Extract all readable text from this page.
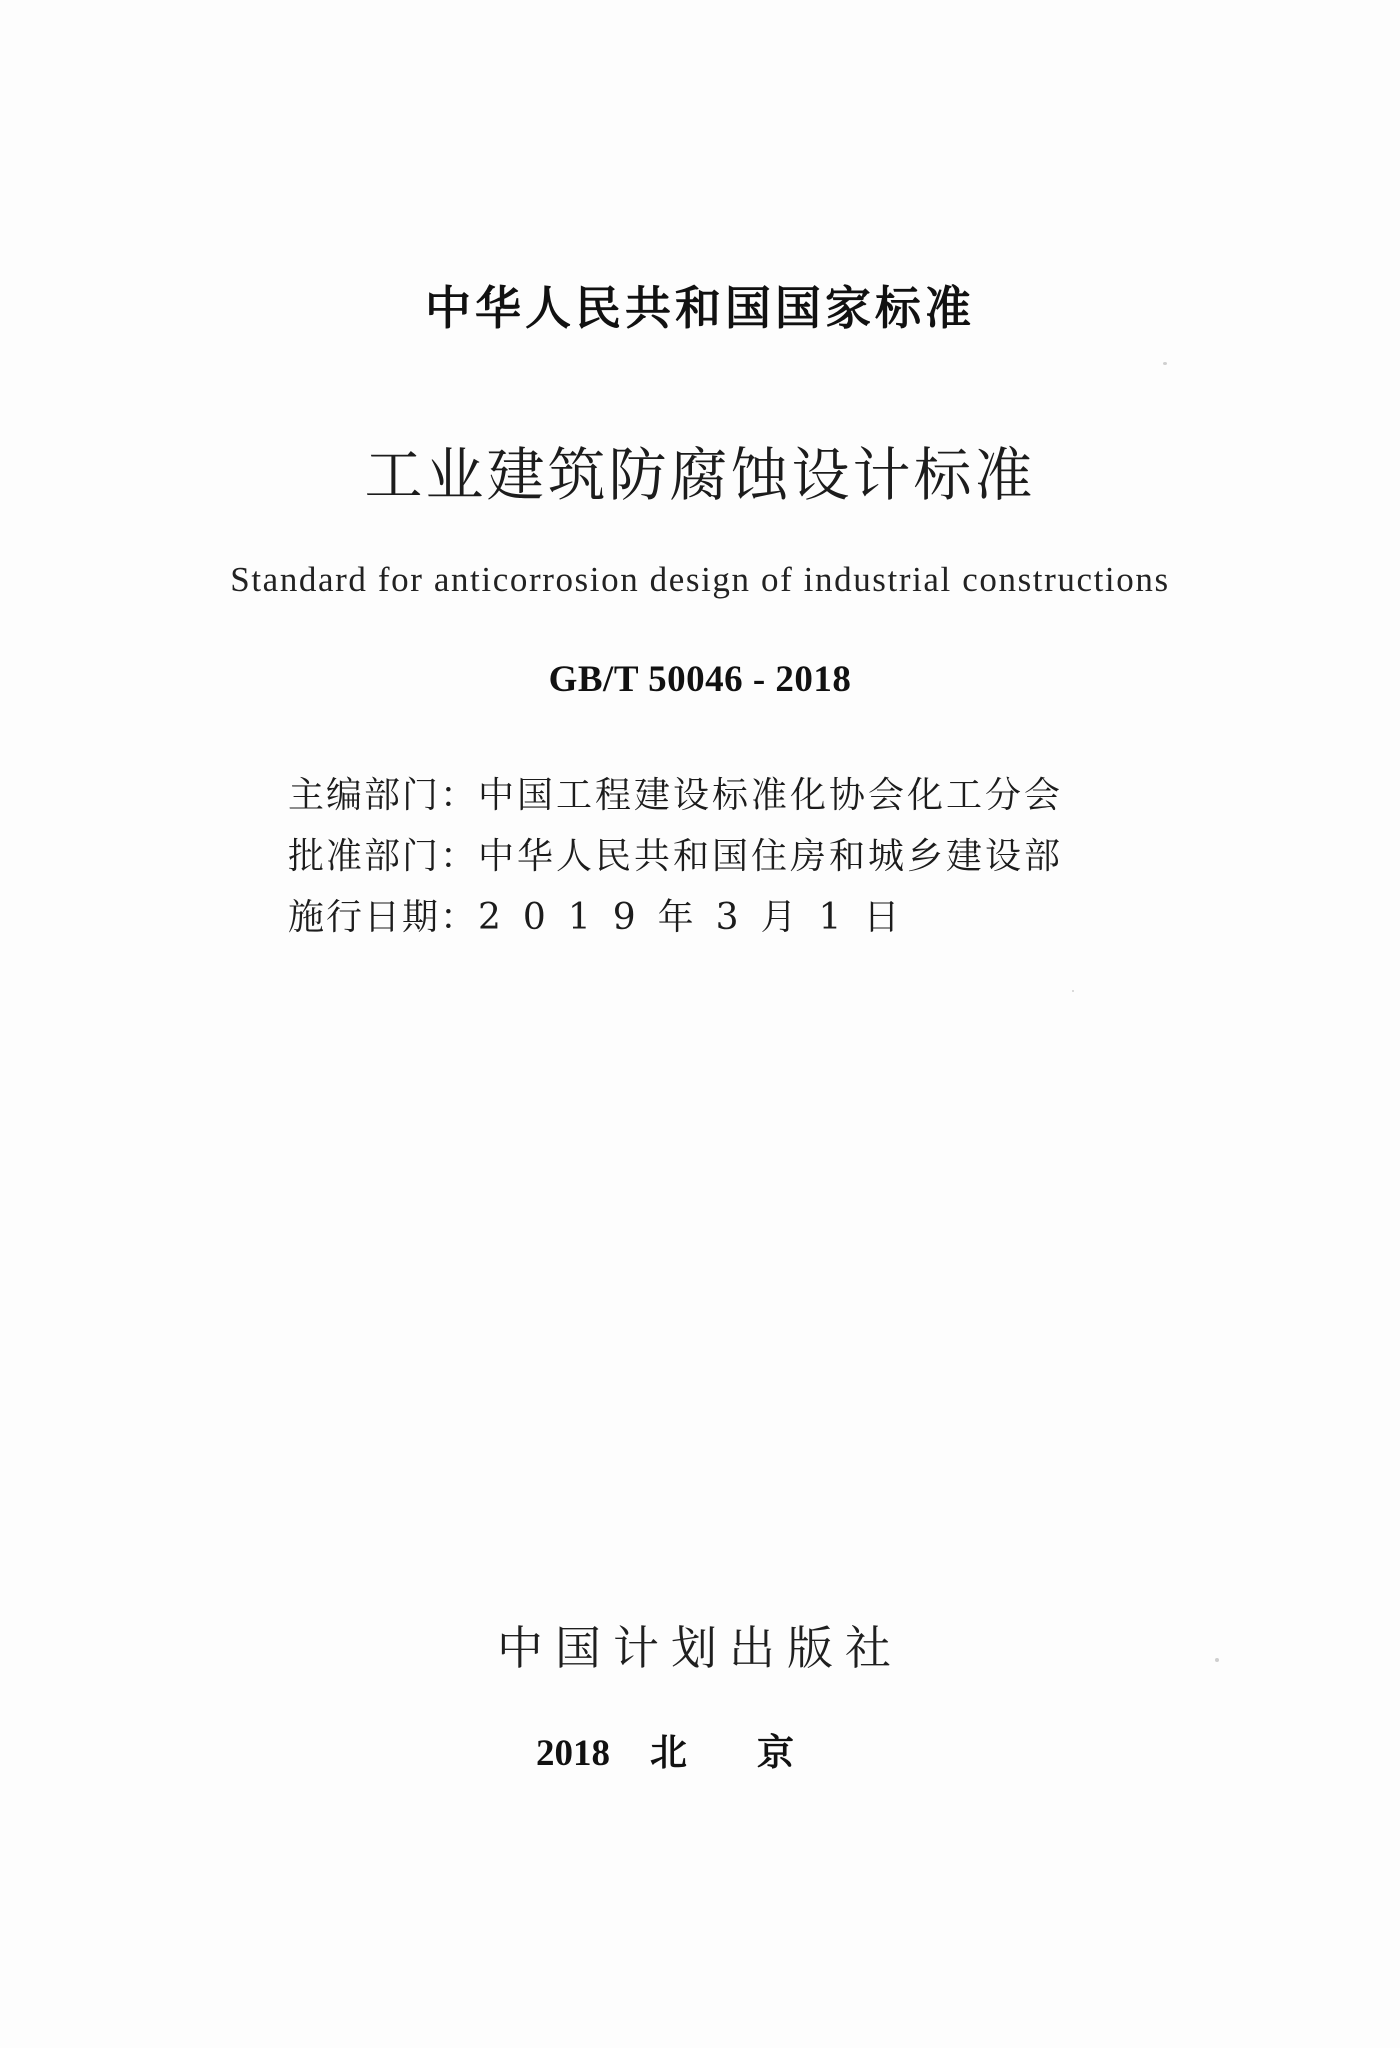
中华人民共和国国家标准
工业建筑防腐蚀设计标准
Standard for anticorrosion design of industrial constructions
GB/T 50046 - 2018
主编部门： 中国工程建设标准化协会化工分会
批准部门： 中华人民共和国住房和城乡建设部
施行日期： 2019年3月1日
中国计划出版社
2018 北京
